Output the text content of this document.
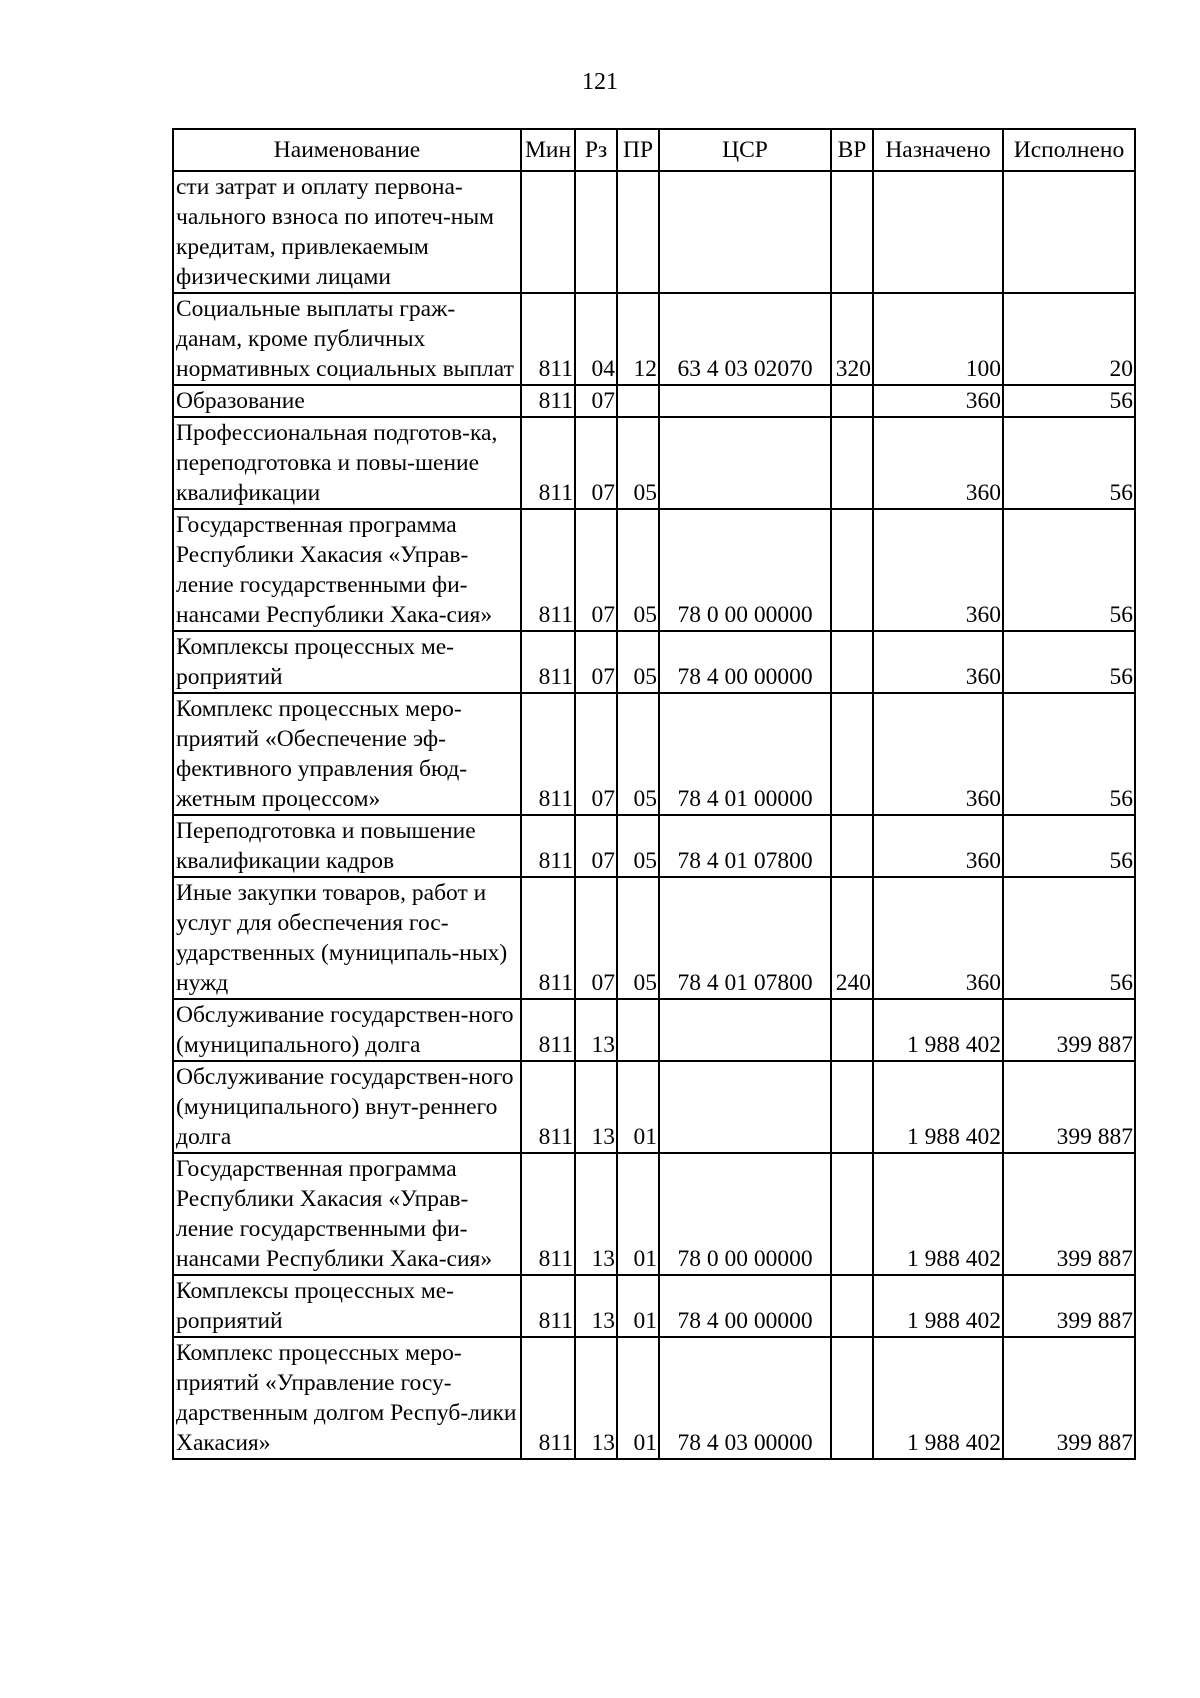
121
Наименование	Мин	Рз	ПР	ЦСР	ВР	Назначено	Исполнено
сти затрат и оплату первона-чального взноса по ипотеч-ным кредитам, привлекаемым физическими лицами							
Социальные выплаты граж-данам, кроме публичных нормативных социальных выплат	811	04	12	63 4 03 02070	320	100	20
Образование	811	07				360	56
Профессиональная подготов-ка, переподготовка и повы-шение квалификации	811	07	05			360	56
Государственная программа Республики Хакасия «Управ-ление государственными фи-нансами Республики Хака-сия»	811	07	05	78 0 00 00000		360	56
Комплексы процессных ме-роприятий	811	07	05	78 4 00 00000		360	56
Комплекс процессных меро-приятий «Обеспечение эф-фективного управления бюд-жетным процессом»	811	07	05	78 4 01 00000		360	56
Переподготовка и повышение квалификации кадров	811	07	05	78 4 01 07800		360	56
Иные закупки товаров, работ и услуг для обеспечения гос-ударственных (муниципаль-ных) нужд	811	07	05	78 4 01 07800	240	360	56
Обслуживание государствен-ного (муниципального) долга	811	13				1 988 402	399 887
Обслуживание государствен-ного (муниципального) внут-реннего долга	811	13	01			1 988 402	399 887
Государственная программа Республики Хакасия «Управ-ление государственными фи-нансами Республики Хака-сия»	811	13	01	78 0 00 00000		1 988 402	399 887
Комплексы процессных ме-роприятий	811	13	01	78 4 00 00000		1 988 402	399 887
Комплекс процессных меро-приятий «Управление госу-дарственным долгом Респуб-лики Хакасия»	811	13	01	78 4 03 00000		1 988 402	399 887
